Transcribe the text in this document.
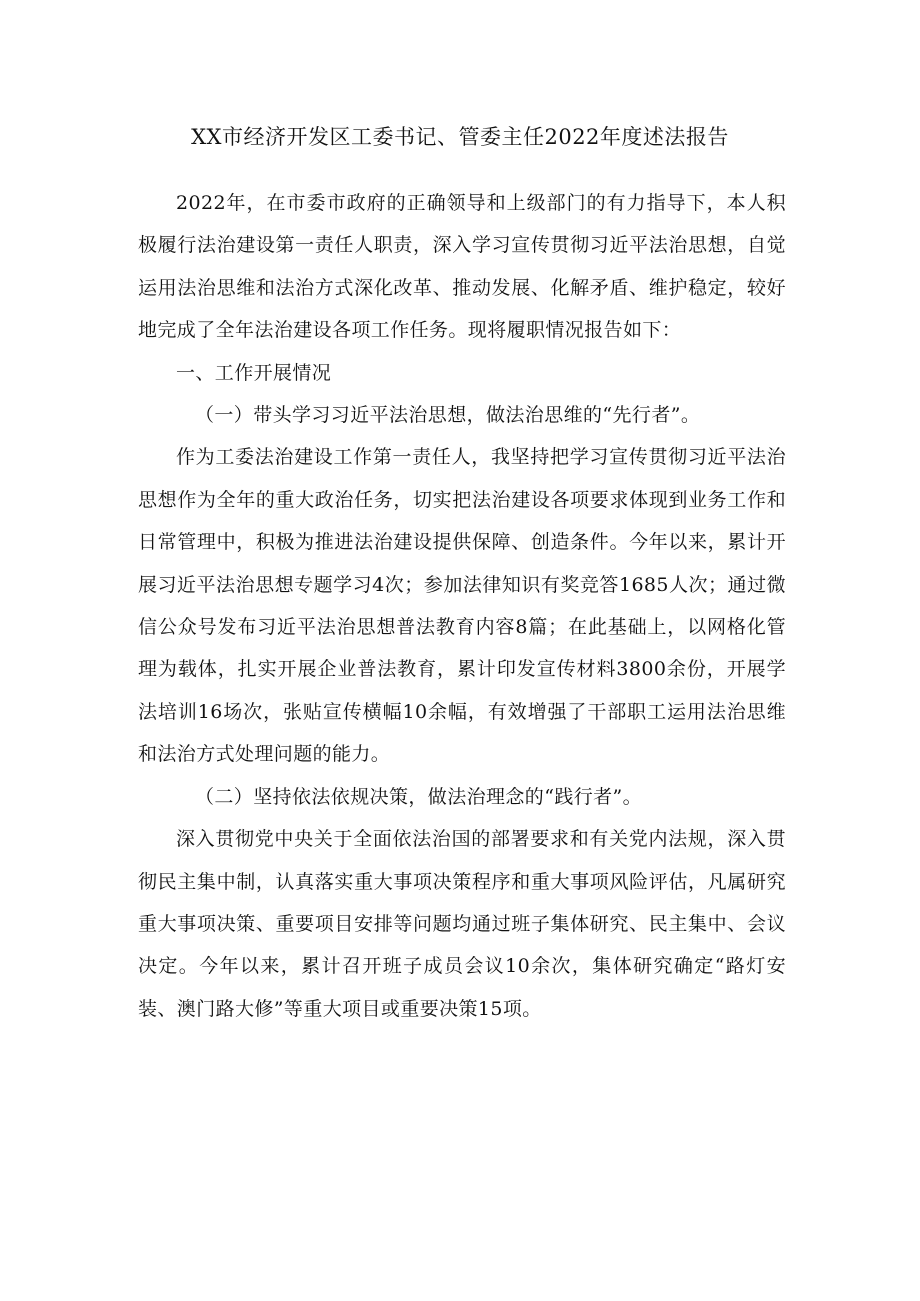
XX市经济开发区工委书记、管委主任2022年度述法报告

2022年，在市委市政府的正确领导和上级部门的有力指导下，本人积极履行法治建设第一责任人职责，深入学习宣传贯彻习近平法治思想，自觉运用法治思维和法治方式深化改革、推动发展、化解矛盾、维护稳定，较好地完成了全年法治建设各项工作任务。现将履职情况报告如下：

一、工作开展情况

（一）带头学习习近平法治思想，做法治思维的“先行者”。

作为工委法治建设工作第一责任人，我坚持把学习宣传贯彻习近平法治思想作为全年的重大政治任务，切实把法治建设各项要求体现到业务工作和日常管理中，积极为推进法治建设提供保障、创造条件。今年以来，累计开展习近平法治思想专题学习4次；参加法律知识有奖竞答1685人次；通过微信公众号发布习近平法治思想普法教育内容8篇；在此基础上，以网格化管理为载体，扎实开展企业普法教育，累计印发宣传材料3800余份，开展学法培训16场次，张贴宣传横幅10余幅，有效增强了干部职工运用法治思维和法治方式处理问题的能力。

（二）坚持依法依规决策，做法治理念的“践行者”。

深入贯彻党中央关于全面依法治国的部署要求和有关党内法规，深入贯彻民主集中制，认真落实重大事项决策程序和重大事项风险评估，凡属研究重大事项决策、重要项目安排等问题均通过班子集体研究、民主集中、会议决定。今年以来，累计召开班子成员会议10余次，集体研究确定“路灯安装、澳门路大修”等重大项目或重要决策15项。
